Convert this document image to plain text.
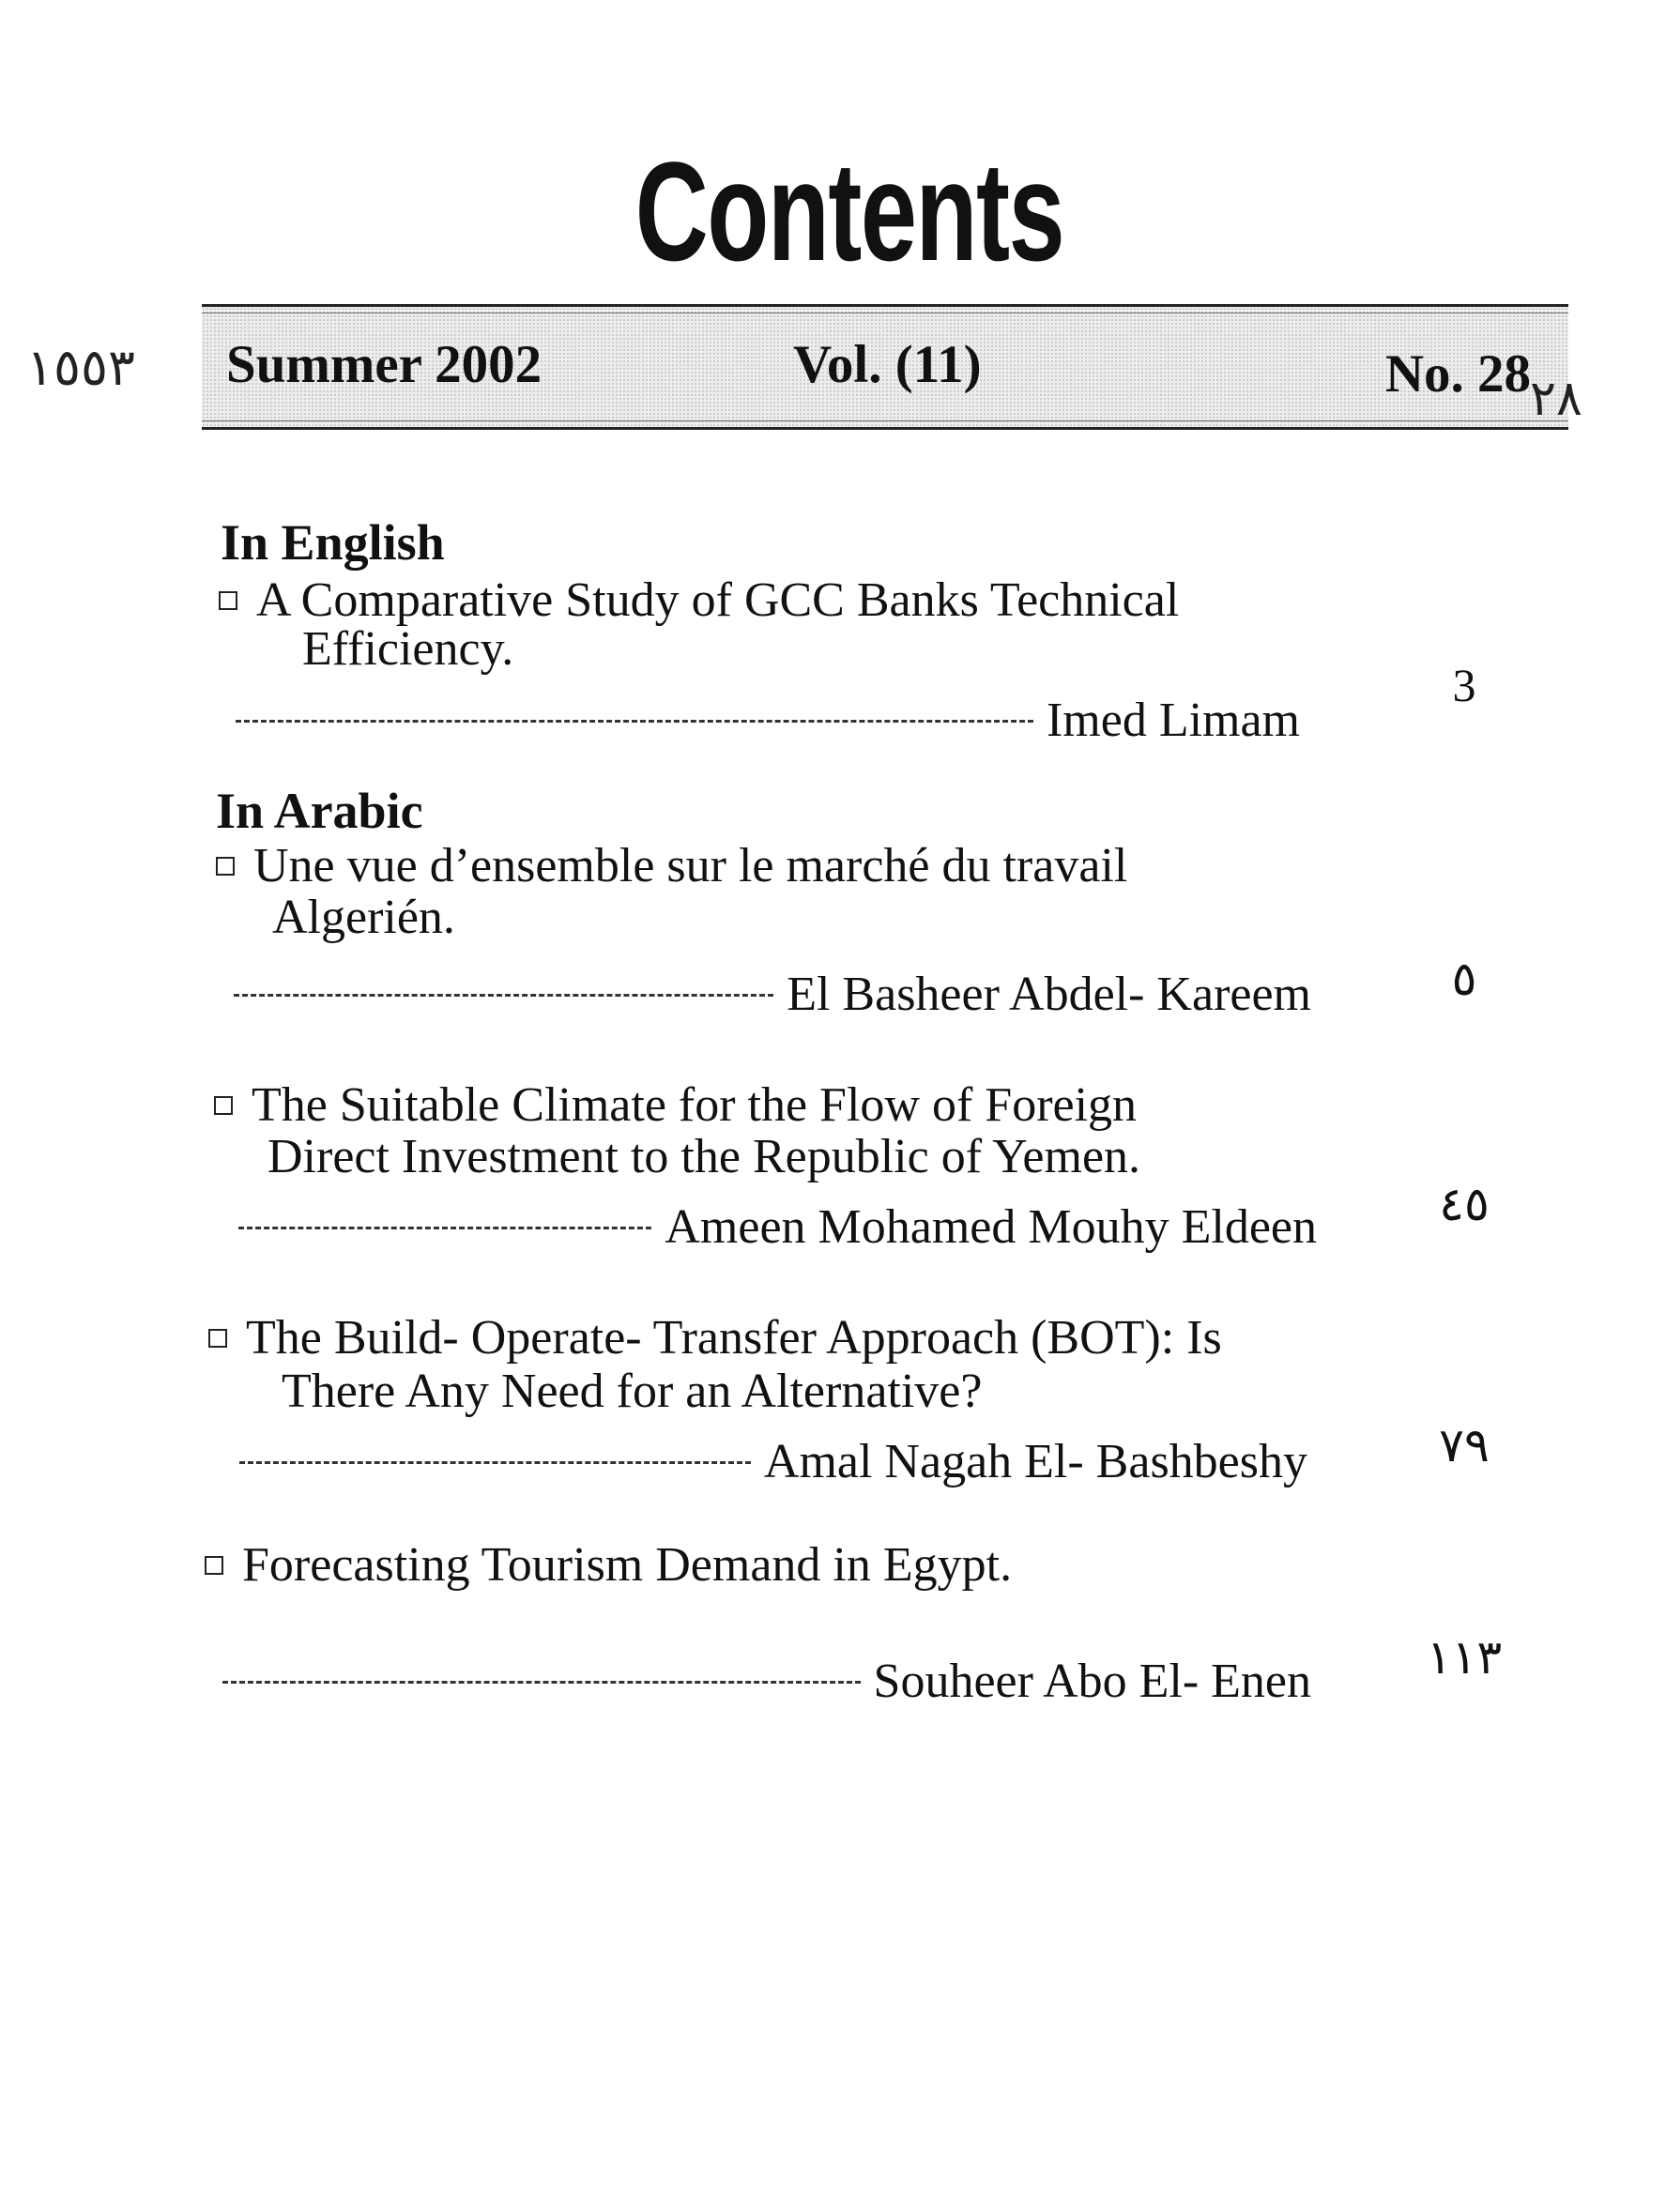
Contents
١٥٥٣ Summer 2002	Vol. (11)	No. 28 ٢٨
In English
A Comparative Study of GCC Banks Technical
Efficiency.
Imed Limam
3
In Arabic
Une vue d’ensemble sur le marché du travail
Algerién.
El Basheer Abdel- Kareem	٥
The Suitable Climate for the Flow of Foreign
Direct Investment to the Republic of Yemen.
Ameen Mohamed Mouhy Eldeen	٤٥
The Build- Operate- Transfer Approach (BOT): Is
There Any Need for an Alternative?
Amal Nagah El- Bashbeshy	٧٩
Forecasting Tourism Demand in Egypt.
Souheer Abo El- Enen	١١٣
